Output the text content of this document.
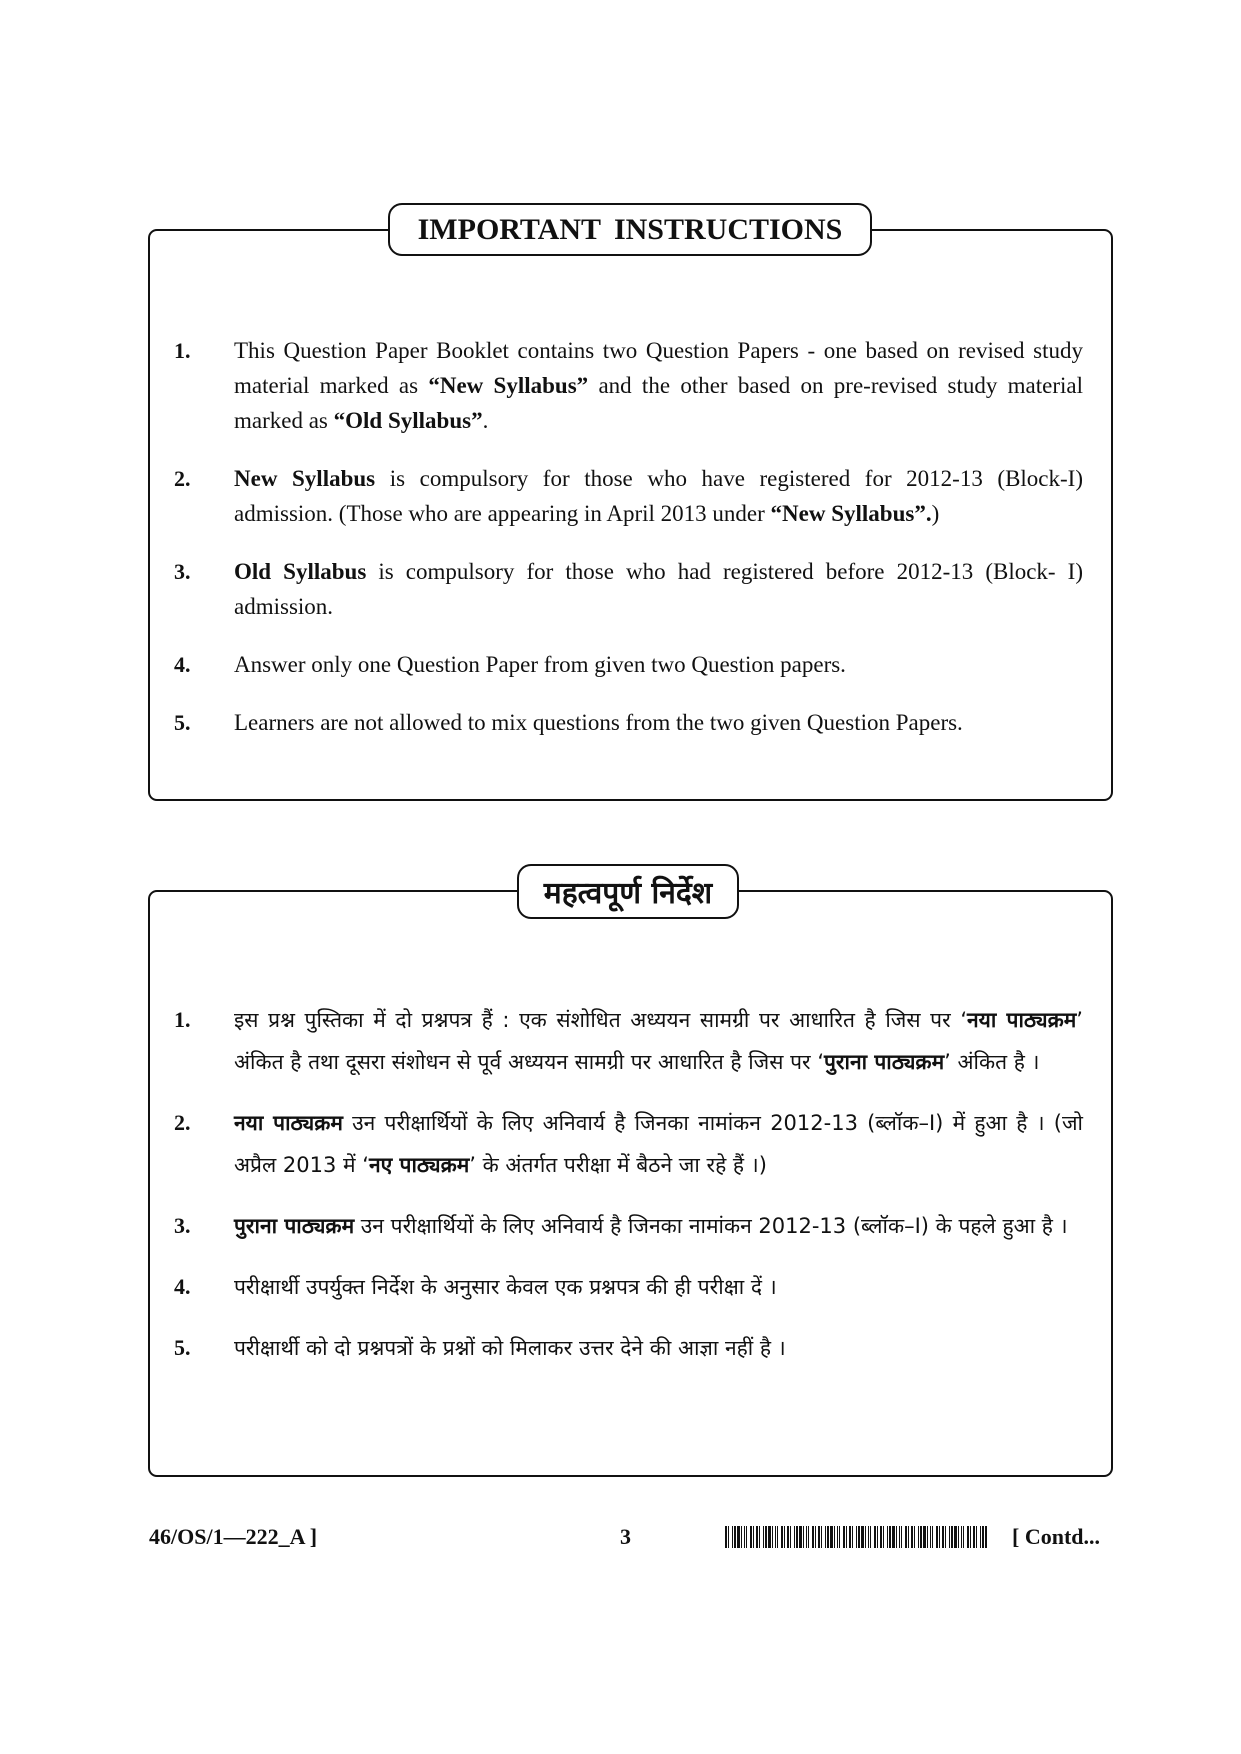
IMPORTANT INSTRUCTIONS
1. This Question Paper Booklet contains two Question Papers - one based on revised study material marked as “New Syllabus” and the other based on pre-revised study material marked as “Old Syllabus”.
2. New Syllabus is compulsory for those who have registered for 2012-13 (Block-I) admission. (Those who are appearing in April 2013 under “New Syllabus”.)
3. Old Syllabus is compulsory for those who had registered before 2012-13 (Block- I) admission.
4. Answer only one Question Paper from given two Question papers.
5. Learners are not allowed to mix questions from the two given Question Papers.
महत्वपूर्ण निर्देश
1. इस प्रश्न पुस्तिका में दो प्रश्नपत्र हैं : एक संशोधित अध्ययन सामग्री पर आधारित है जिस पर ‘नया पाठ्यक्रम’ अंकित है तथा दूसरा संशोधन से पूर्व अध्ययन सामग्री पर आधारित है जिस पर ‘पुराना पाठ्यक्रम’ अंकित है ।
2. नया पाठ्यक्रम उन परीक्षार्थियों के लिए अनिवार्य है जिनका नामांकन 2012-13 (ब्लॉक–I) में हुआ है । (जो अप्रैल 2013 में ‘नए पाठ्यक्रम’ के अंतर्गत परीक्षा में बैठने जा रहे हैं ।)
3. पुराना पाठ्यक्रम उन परीक्षार्थियों के लिए अनिवार्य है जिनका नामांकन 2012-13 (ब्लॉक–I) के पहले हुआ है ।
4. परीक्षार्थी उपर्युक्त निर्देश के अनुसार केवल एक प्रश्नपत्र की ही परीक्षा दें ।
5. परीक्षार्थी को दो प्रश्नपत्रों के प्रश्नों को मिलाकर उत्तर देने की आज्ञा नहीं है ।
46/OS/1—222_A ]	3	[ Contd...
